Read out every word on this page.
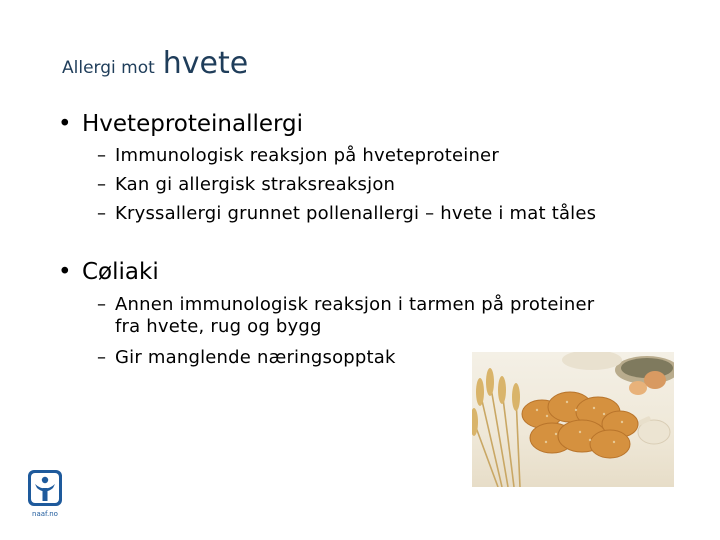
Allergi mot hvete
• Hveteproteinallergi
– Immunologisk reaksjon på hveteproteiner
– Kan gi allergisk straksreaksjon
– Kryssallergi grunnet pollenallergi – hvete i mat tåles
• Cøliaki
– Annen immunologisk reaksjon i tarmen på proteiner
fra hvete, rug og bygg
– Gir manglende næringsopptak
naaf.no
